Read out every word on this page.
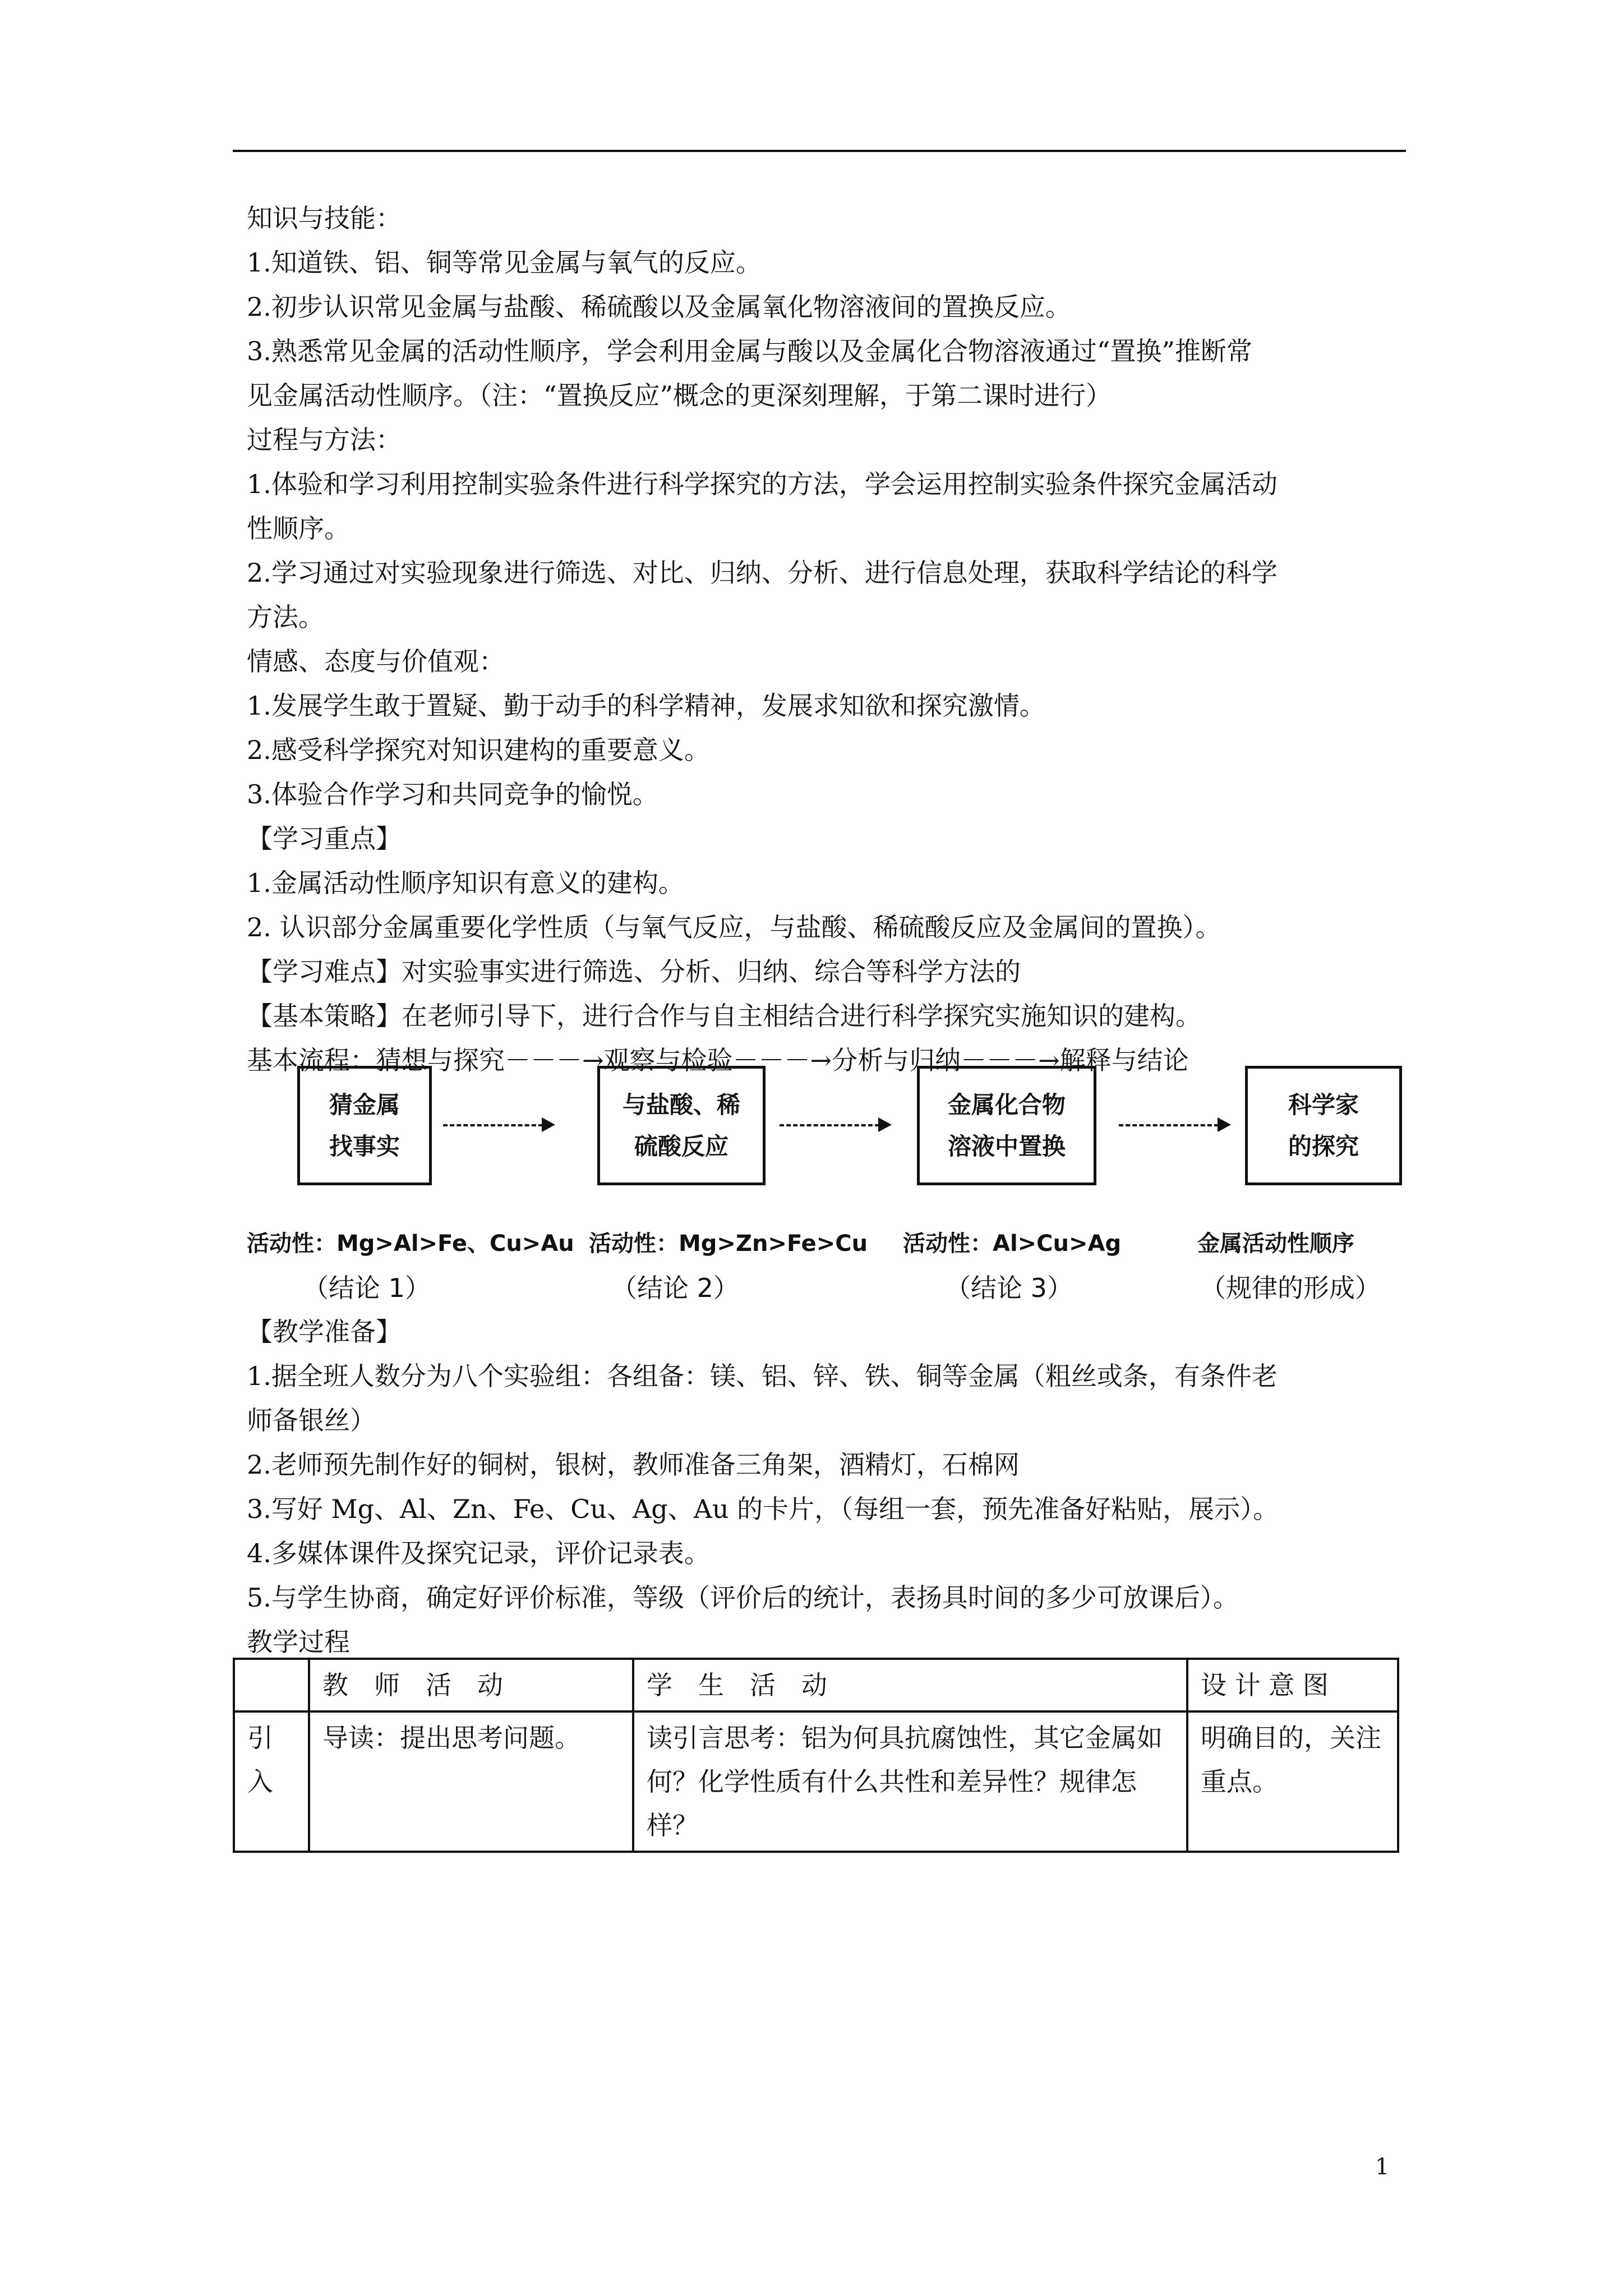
知识与技能：
1.知道铁、铝、铜等常见金属与氧气的反应。
2.初步认识常见金属与盐酸、稀硫酸以及金属氧化物溶液间的置换反应。
3.熟悉常见金属的活动性顺序，学会利用金属与酸以及金属化合物溶液通过“置换”推断常
见金属活动性顺序。（注：“置换反应”概念的更深刻理解，于第二课时进行）
过程与方法：
1.体验和学习利用控制实验条件进行科学探究的方法，学会运用控制实验条件探究金属活动
性顺序。
2.学习通过对实验现象进行筛选、对比、归纳、分析、进行信息处理，获取科学结论的科学
方法。
情感、态度与价值观：
1.发展学生敢于置疑、勤于动手的科学精神，发展求知欲和探究激情。
2.感受科学探究对知识建构的重要意义。
3.体验合作学习和共同竞争的愉悦。
【学习重点】
1.金属活动性顺序知识有意义的建构。
2. 认识部分金属重要化学性质（与氧气反应，与盐酸、稀硫酸反应及金属间的置换）。
【学习难点】对实验事实进行筛选、分析、归纳、综合等科学方法的
【基本策略】在老师引导下，进行合作与自主相结合进行科学探究实施知识的建构。
基本流程：猜想与探究－－－→观察与检验－－－→分析与归纳－－－→解释与结论
猜金属
找事实
与盐酸、稀
硫酸反应
金属化合物
溶液中置换
科学家
的探究
活动性：Mg>Al>Fe、Cu>Au
（结论 1）
活动性：Mg>Zn>Fe>Cu
（结论 2）
活动性：Al>Cu>Ag
（结论 3）
金属活动性顺序
（规律的形成）
【教学准备】
1.据全班人数分为八个实验组：各组备：镁、铝、锌、铁、铜等金属（粗丝或条，有条件老
师备银丝）
2.老师预先制作好的铜树，银树，教师准备三角架，酒精灯，石棉网
3.写好 Mg、Al、Zn、Fe、Cu、Ag、Au 的卡片，（每组一套，预先准备好粘贴，展示）。
4.多媒体课件及探究记录，评价记录表。
5.与学生协商，确定好评价标准，等级（评价后的统计，表扬具时间的多少可放课后）。
教学过程
	教　师　活　动	学　生　活　动	设 计 意 图
引入	导读：提出思考问题。	读引言思考：铝为何具抗腐蚀性，其它金属如何？化学性质有什么共性和差异性？规律怎样？	明确目的，关注重点。
1
